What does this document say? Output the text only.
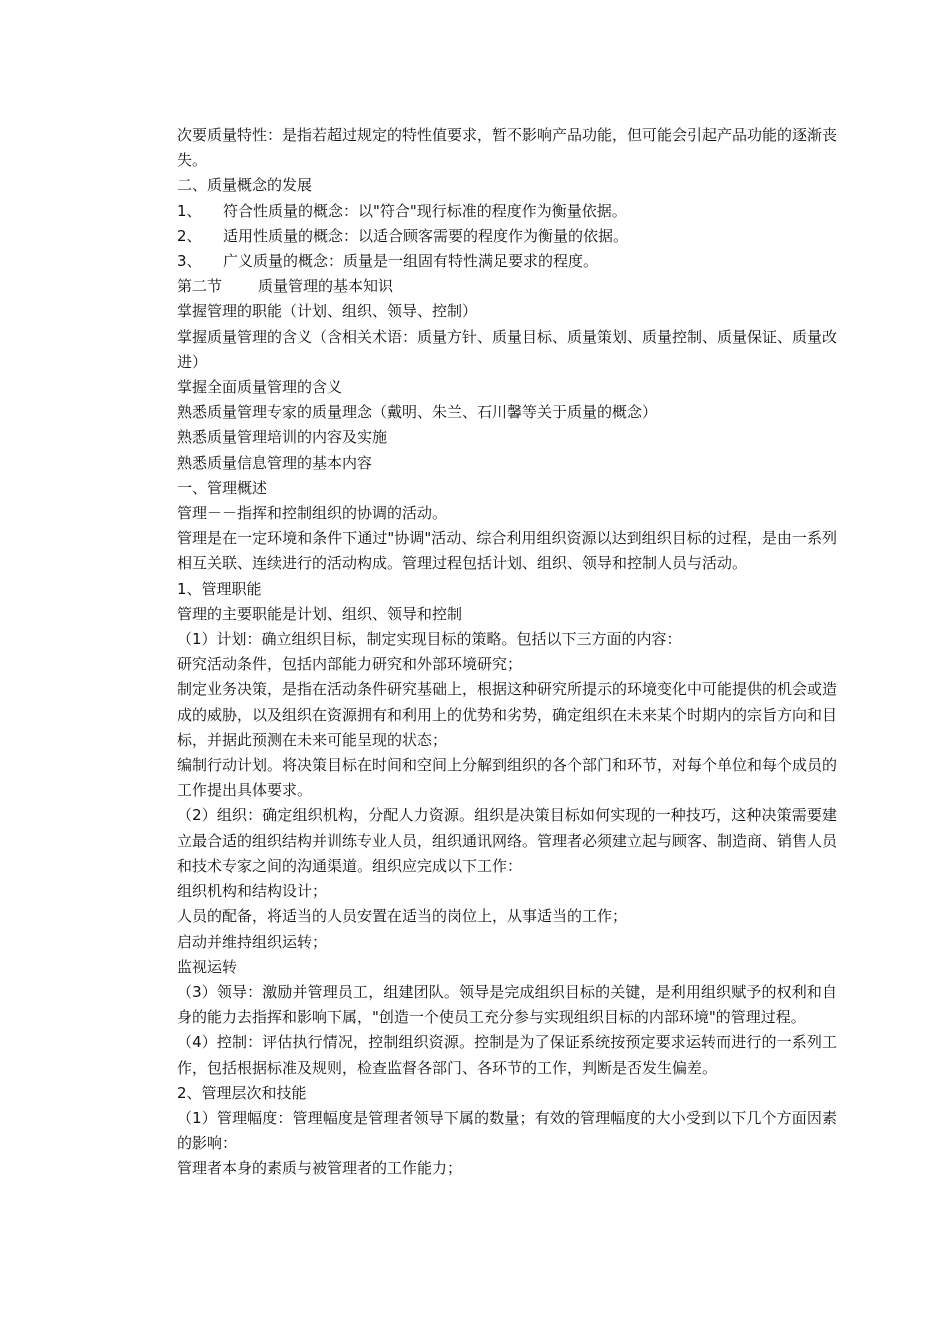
次要质量特性：是指若超过规定的特性值要求，暂不影响产品功能，但可能会引起产品功能的逐渐丧失。

二、质量概念的发展

1、	符合性质量的概念：以"符合"现行标准的程度作为衡量依据。
2、	适用性质量的概念：以适合顾客需要的程度作为衡量的依据。
3、	广义质量的概念：质量是一组固有特性满足要求的程度。

第二节 质量管理的基本知识

掌握管理的职能（计划、组织、领导、控制）

掌握质量管理的含义（含相关术语：质量方针、质量目标、质量策划、质量控制、质量保证、质量改进）

掌握全面质量管理的含义

熟悉质量管理专家的质量理念（戴明、朱兰、石川馨等关于质量的概念）

熟悉质量管理培训的内容及实施

熟悉质量信息管理的基本内容

一、管理概述

管理－－指挥和控制组织的协调的活动。

管理是在一定环境和条件下通过"协调"活动、综合利用组织资源以达到组织目标的过程，是由一系列相互关联、连续进行的活动构成。管理过程包括计划、组织、领导和控制人员与活动。

1、管理职能

管理的主要职能是计划、组织、领导和控制

（1）计划：确立组织目标，制定实现目标的策略。包括以下三方面的内容：

研究活动条件，包括内部能力研究和外部环境研究；

制定业务决策，是指在活动条件研究基础上，根据这种研究所提示的环境变化中可能提供的机会或造成的威胁，以及组织在资源拥有和利用上的优势和劣势，确定组织在未来某个时期内的宗旨方向和目标，并据此预测在未来可能呈现的状态；

编制行动计划。将决策目标在时间和空间上分解到组织的各个部门和环节，对每个单位和每个成员的工作提出具体要求。

（2）组织：确定组织机构，分配人力资源。组织是决策目标如何实现的一种技巧，这种决策需要建立最合适的组织结构并训练专业人员，组织通讯网络。管理者必须建立起与顾客、制造商、销售人员和技术专家之间的沟通渠道。组织应完成以下工作：

组织机构和结构设计；

人员的配备，将适当的人员安置在适当的岗位上，从事适当的工作；

启动并维持组织运转；

监视运转

（3）领导：激励并管理员工，组建团队。领导是完成组织目标的关键，是利用组织赋予的权利和自身的能力去指挥和影响下属，"创造一个使员工充分参与实现组织目标的内部环境"的管理过程。

（4）控制：评估执行情况，控制组织资源。控制是为了保证系统按预定要求运转而进行的一系列工作，包括根据标准及规则，检查监督各部门、各环节的工作，判断是否发生偏差。

2、管理层次和技能

（1）管理幅度：管理幅度是管理者领导下属的数量；有效的管理幅度的大小受到以下几个方面因素的影响：

管理者本身的素质与被管理者的工作能力；
